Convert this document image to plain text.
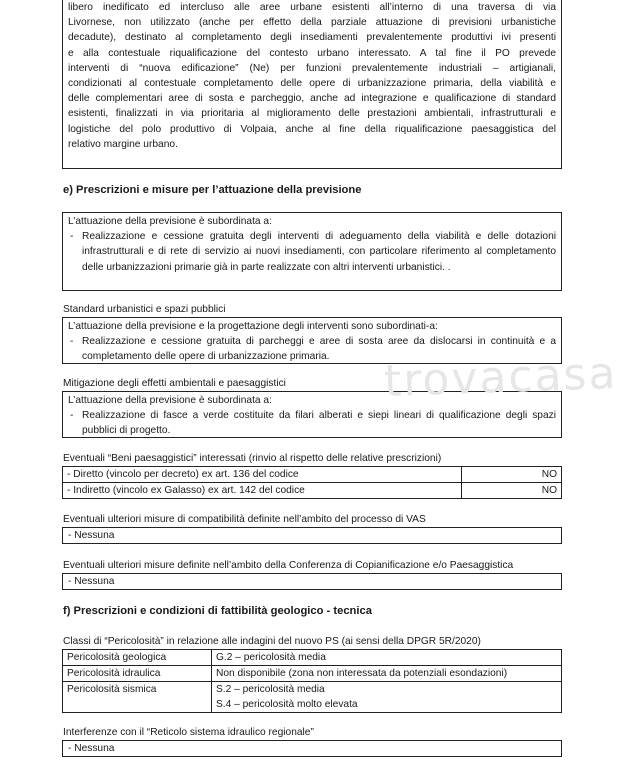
libero inedificato ed intercluso alle aree urbane esistenti all’interno di una traversa di via
Livornese, non utilizzato (anche per effetto della parziale attuazione di previsioni urbanistiche
decadute), destinato al completamento degli insediamenti prevalentemente produttivi ivi presenti
e alla contestuale riqualificazione del contesto urbano interessato. A tal fine il PO prevede
interventi di “nuova edificazione” (Ne) per funzioni prevalentemente industriali – artigianali,
condizionati al contestuale completamento delle opere di urbanizzazione primaria, della viabilità e
delle complementari aree di sosta e parcheggio, anche ad integrazione e qualificazione di standard
esistenti, finalizzati in via prioritaria al miglioramento delle prestazioni ambientali, infrastrutturali e
logistiche del polo produttivo di Volpaia, anche al fine della riqualificazione paesaggistica del
relativo margine urbano.
e) Prescrizioni e misure per l’attuazione della previsione
L’attuazione della previsione è subordinata a:
- Realizzazione e cessione gratuita degli interventi di adeguamento della viabilità e delle dotazioni infrastrutturali e di rete di servizio ai nuovi insediamenti, con particolare riferimento al completamento delle urbanizzazioni primarie già in parte realizzate con altri interventi urbanistici. .
Standard urbanistici e spazi pubblici
L’attuazione della previsione e la progettazione degli interventi sono subordinati-a:
- Realizzazione e cessione gratuita di parcheggi e aree di sosta aree da dislocarsi in continuità e a completamento delle opere di urbanizzazione primaria.
Mitigazione degli effetti ambientali e paesaggistici
L’attuazione della previsione è subordinata a:
- Realizzazione di fasce a verde costituite da filari alberati e siepi lineari di qualificazione degli spazi pubblici di progetto.
Eventuali “Beni paesaggistici” interessati (rinvio al rispetto delle relative prescrizioni)
- Diretto (vincolo per decreto) ex art. 136 del codice	NO
- Indiretto (vincolo ex Galasso) ex art. 142 del codice	NO
Eventuali ulteriori misure di compatibilità definite nell’ambito del processo di VAS
- Nessuna
Eventuali ulteriori misure definite nell’ambito della Conferenza di Copianificazione e/o Paesaggistica
- Nessuna
f) Prescrizioni e condizioni di fattibilità geologico - tecnica
Classi di “Pericolosità” in relazione alle indagini del nuovo PS (ai sensi della DPGR 5R/2020)
Pericolosità geologica	G.2 – pericolosità media
Pericolosità idraulica	Non disponibile (zona non interessata da potenziali esondazioni)
Pericolosità sismica	S.2 – pericolosità media
S.4 – pericolosità molto elevata
Interferenze con il “Reticolo sistema idraulico regionale”
- Nessuna
trovacasa
